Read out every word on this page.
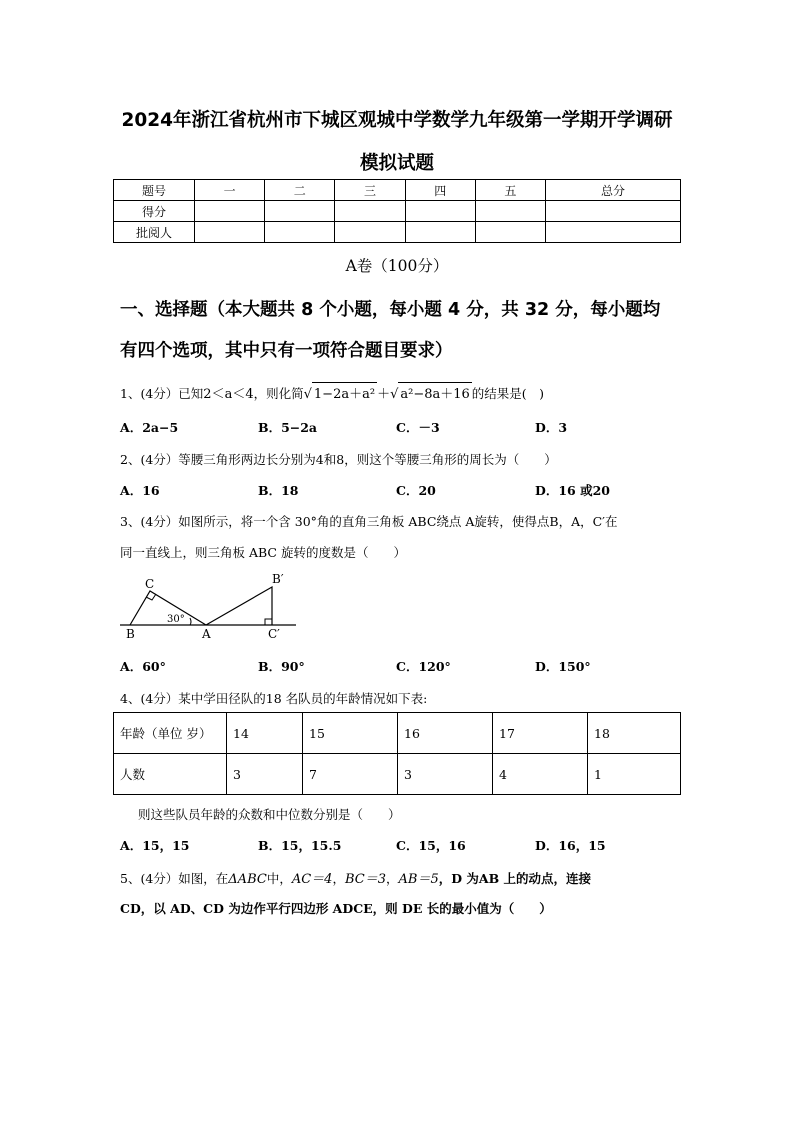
2024年浙江省杭州市下城区观城中学数学九年级第一学期开学调研
模拟试题
题号	一	二	三	四	五	总分
得分						
批阅人						
A卷（100分）
一、选择题（本大题共 8 个小题，每小题 4 分，共 32 分，每小题均
有四个选项，其中只有一项符合题目要求）
1、(4分）已知2＜a＜4，则化简√ 1−2a＋a² ＋√ a²−8a＋16 的结果是(　)
A．2a−5	B．5−2a	C．－3	D．3
2、(4分）等腰三角形两边长分别为4和8，则这个等腰三角形的周长为（　　）
A．16	B．18	C．20	D．16 或20
3、(4分）如图所示，将一个含 30°角的直角三角板 ABC绕点 A旋转，使得点B，A，C′在
同一直线上，则三角板 ABC 旋转的度数是（　　）
B
C
A	C′
B′
30°
A．60°	B．90°	C．120°	D．150°
4、(4分）某中学田径队的18 名队员的年龄情况如下表:
年龄（单位 岁）	14	15	16	17	18
人数	3	7	3	4	1
则这些队员年龄的众数和中位数分别是（　　）
A．15，15	B．15，15.5	C．15，16	D．16，15
5、(4分）如图，在ΔABC中，AC＝4，BC＝3，AB＝5，D 为AB 上的动点，连接
CD，以 AD、CD 为边作平行四边形 ADCE，则 DE 长的最小值为（　　）
